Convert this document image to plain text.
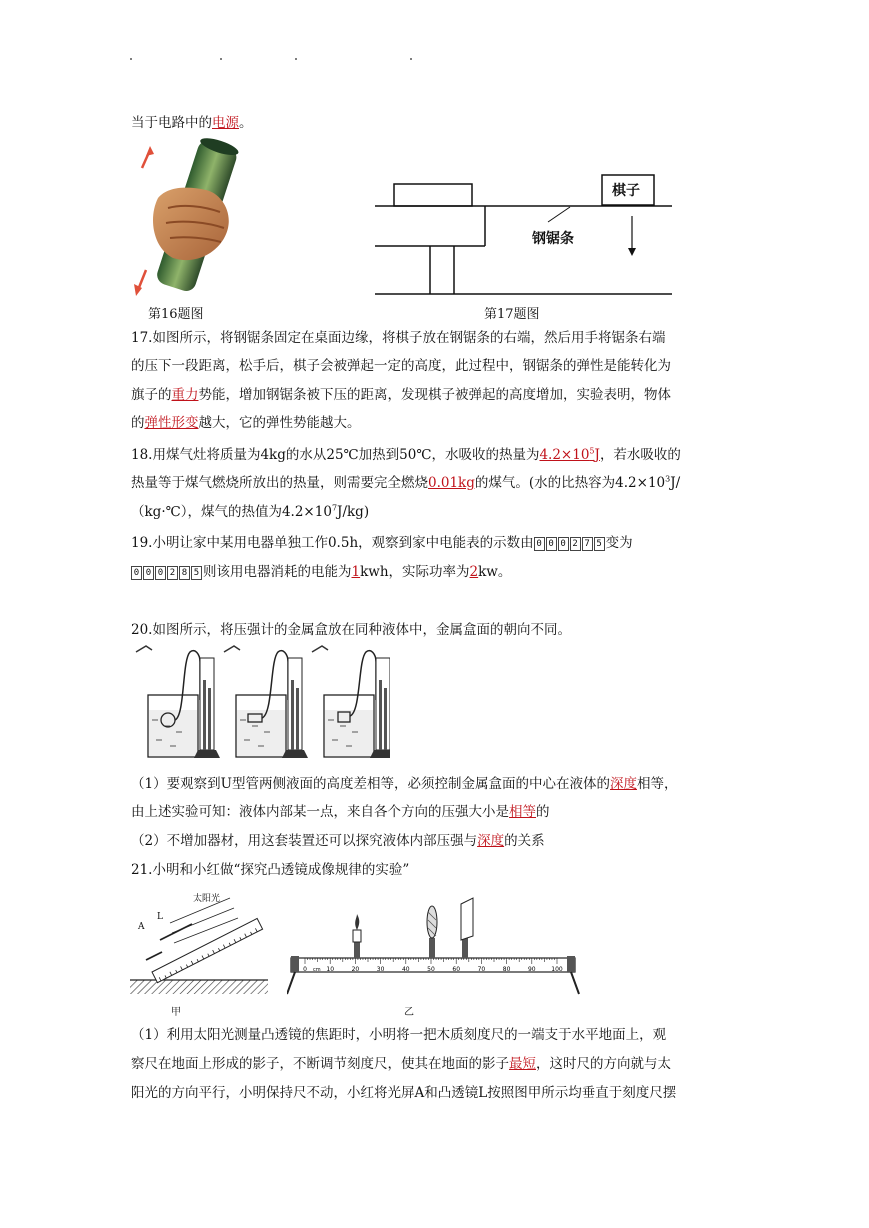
当于电路中的电源。
第16题图
棋子
钢锯条
第17题图
17.如图所示，将钢锯条固定在桌面边缘，将棋子放在钢锯条的右端，然后用手将锯条右端
的压下一段距离，松手后，棋子会被弹起一定的高度，此过程中，钢锯条的弹性是能转化为
旗子的重力势能，增加钢锯条被下压的距离，发现棋子被弹起的高度增加，实验表明，物体
的弹性形变越大，它的弹性势能越大。
18.用煤气灶将质量为4kg的水从25℃加热到50℃，水吸收的热量为$4.2\times 10^5J$，若水吸收的
热量等于煤气燃烧所放出的热量，则需要完全燃烧0.01kg的煤气。(水的比热容为$4.2\times 10^3J/$
（kg·℃），煤气的热值为$4.2\times 10^7J/kg$)
19.小明让家中某用电器单独工作0.5h，观察到家中电能表的示数由 0 0 0 2 7 5 变为
0 0 0 2 8 5 则该用电器消耗的电能为1kwh，实际功率为2kw。
20.如图所示，将压强计的金属盒放在同种液体中，金属盒面的朝向不同。
（1）要观察到U型管两侧液面的高度差相等，必须控制金属盒面的中心在液体的深度相等，
由上述实验可知：液体内部某一点，来自各个方向的压强大小是相等的
（2）不增加器材，用这套装置还可以探究液体内部压强与深度的关系
21.小明和小红做“探究凸透镜成像规律的实验”
太阳光
L
A
甲
0	10	20	30	40	50	60	70	80	90	100
cm
乙
（1）利用太阳光测量凸透镜的焦距时，小明将一把木质刻度尺的一端支于水平地面上，观
察尺在地面上形成的影子，不断调节刻度尺，使其在地面的影子最短，这时尺的方向就与太
阳光的方向平行，小明保持尺不动，小红将光屏A和凸透镜L按照图甲所示均垂直于刻度尺摆
